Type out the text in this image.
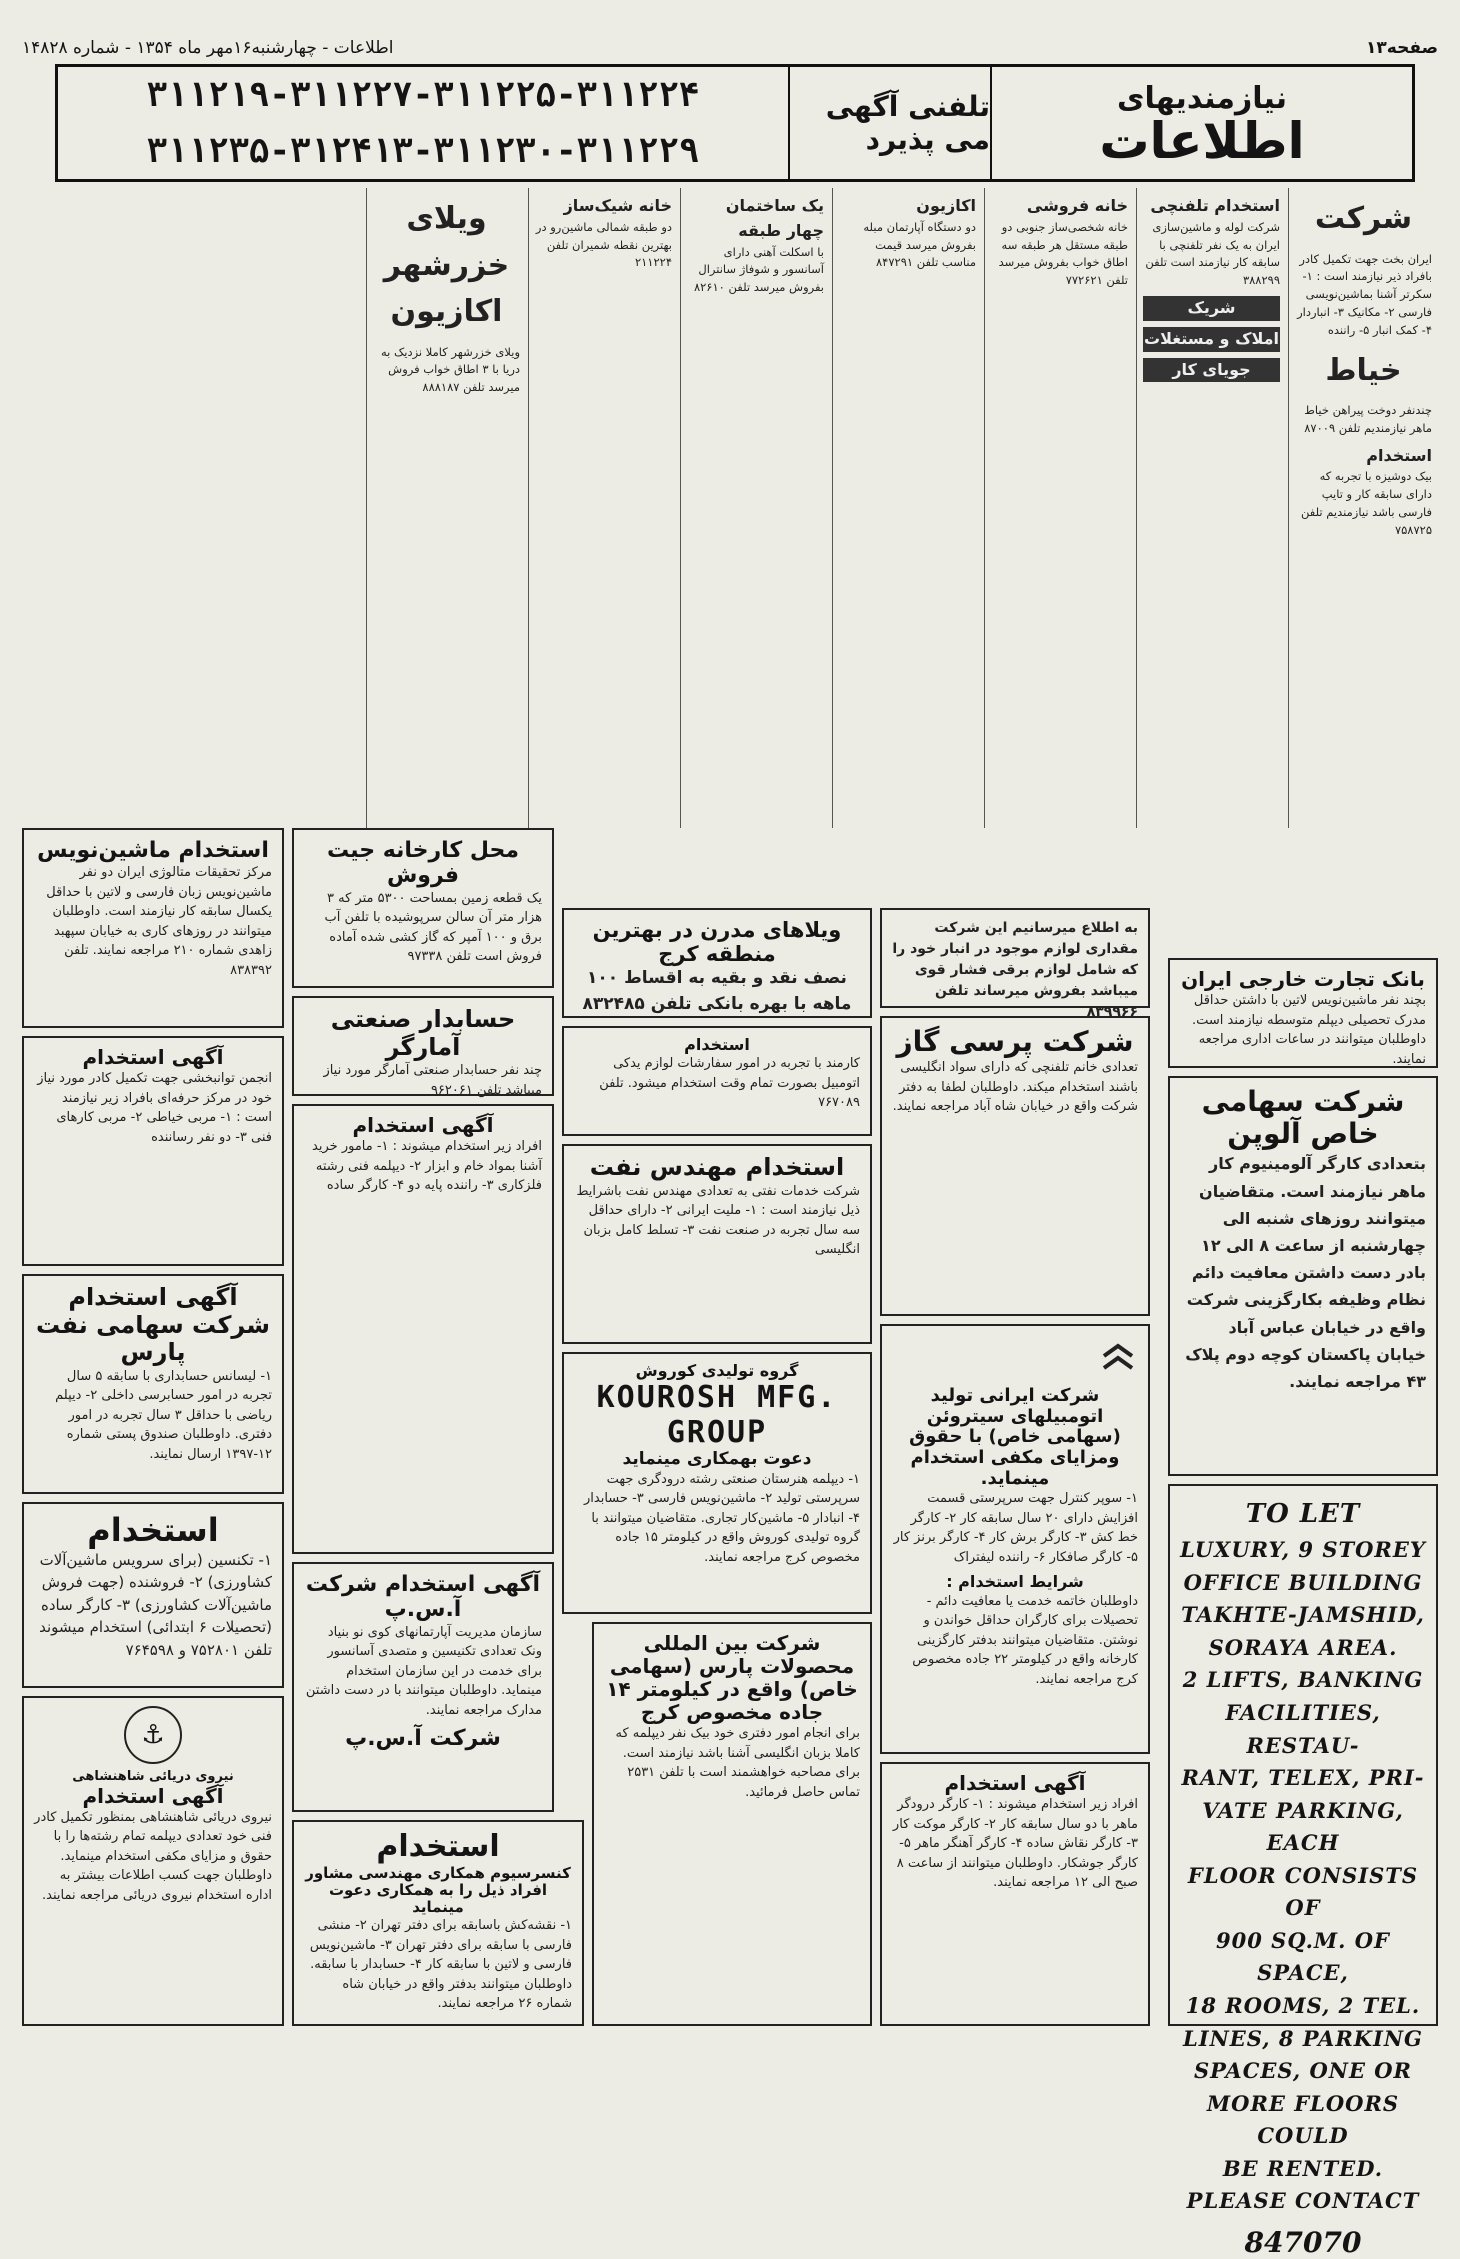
صفحه۱۳
اطلاعات - چهارشنبه۱۶مهر ماه ۱۳۵۴ - شماره ۱۴۸۲۸
نیازمندیهای
اطلاعات
تلفنی آگهی می پذیرد
۳۱۱۲۱۹-۳۱۱۲۲۷-۳۱۱۲۲۵-۳۱۱۲۲۴
۳۱۱۲۳۵-۳۱۲۴۱۳-۳۱۱۲۳۰-۳۱۱۲۲۹
شرکت
ایران بخت جهت تکمیل کادر بافراد ذیر نیازمند است : ۱- سکرتر آشنا بماشین‌نویسی فارسی ۲- مکانیک ۳- انباردار ۴- کمک انبار ۵- راننده
خیاط
چندنفر دوخت پیراهن خیاط ماهر نیازمندیم تلفن ۸۷۰۰۹
استخدام
بیک دوشیزه با تجربه که دارای سابقه کار و تایپ فارسی باشد نیازمندیم تلفن ۷۵۸۷۲۵
استخدام تلفنچی
شرکت لوله و ماشین‌سازی ایران به یک نفر تلفنچی با سابقه کار نیازمند است تلفن ۳۸۸۲۹۹
شریک
املاک و مستغلات
جویای کار
خانه فروشی
خانه شخصی‌ساز جنوبی دو طبقه مستقل هر طبقه سه اطاق خواب بفروش میرسد تلفن ۷۷۲۶۲۱
اکازیون
دو دستگاه آپارتمان مبله بفروش میرسد قیمت مناسب تلفن ۸۴۷۲۹۱
یک ساختمان چهار طبقه
با اسکلت آهنی دارای آسانسور و شوفاژ سانترال بفروش میرسد تلفن ۸۲۶۱۰
خانه شیک‌ساز
دو طبقه شمالی ماشین‌رو در بهترین نقطه شمیران تلفن ۲۱۱۲۲۴
ویلای خزرشهر اکازیون
ویلای خزرشهر کاملا نزدیک به دریا با ۳ اطاق خواب فروش میرسد تلفن ۸۸۸۱۸۷
استخدام ماشین‌نویس
مرکز تحقیقات متالوژی ایران دو نفر ماشین‌نویس زبان فارسی و لاتین با حداقل یکسال سابقه کار نیازمند است. داوطلبان میتوانند در روزهای کاری به خیابان سپهبد زاهدی شماره ۲۱۰ مراجعه نمایند. تلفن ۸۳۸۳۹۲
آگهی استخدام
انجمن توانبخشی جهت تکمیل کادر مورد نیاز خود در مرکز حرفه‌ای بافراد زیر نیازمند است : ۱- مربی خیاطی ۲- مربی کارهای فنی ۳- دو نفر رساننده
آگهی استخدام شرکت سهامی نفت پارس
۱- لیسانس حسابداری با سابقه ۵ سال تجربه در امور حسابرسی داخلی ۲- دیپلم ریاضی با حداقل ۳ سال تجربه در امور دفتری. داوطلبان صندوق پستی شماره ۱۲-۱۳۹۷ ارسال نمایند.
استخدام
۱- تکنسین (برای سرویس ماشین‌آلات کشاورزی) ۲- فروشنده (جهت فروش ماشین‌آلات کشاورزی) ۳- کارگر ساده (تحصیلات ۶ ابتدائی) استخدام میشوند تلفن ۷۵۲۸۰۱ و ۷۶۴۵۹۸
⚓
نیروی دریائی شاهنشاهی
آگهی استخدام
نیروی دریائی شاهنشاهی بمنظور تکمیل کادر فنی خود تعدادی دیپلمه تمام رشته‌ها را با حقوق و مزایای مکفی استخدام مینماید. داوطلبان جهت کسب اطلاعات بیشتر به اداره استخدام نیروی دریائی مراجعه نمایند.
محل کارخانه جیت فروش
یک قطعه زمین بمساحت ۵۳۰۰ متر که ۳ هزار متر آن سالن سرپوشیده با تلفن آب برق و ۱۰۰ آمپر که گاز کشی شده آماده فروش است تلفن ۹۷۳۳۸
حسابدار صنعتی آمارگر
چند نفر حسابدار صنعتی آمارگر مورد نیاز میباشد تلفن ۹۶۲۰۶۱
آگهی استخدام
افراد زیر استخدام میشوند : ۱- مامور خرید آشنا بمواد خام و ابزار ۲- دیپلمه فنی رشته فلزکاری ۳- راننده پایه دو ۴- کارگر ساده
آگهی استخدام شرکت آ.س.پ
سازمان مدیریت آپارتمانهای کوی نو بنیاد ونک تعدادی تکنیسین و متصدی آسانسور برای خدمت در این سازمان استخدام مینماید. داوطلبان میتوانند با در دست داشتن مدارک مراجعه نمایند.
شرکت آ.س.پ
استخدام
کنسرسیوم همکاری مهندسی مشاور افراد ذیل را به همکاری دعوت مینماید
۱- نقشه‌کش باسابقه برای دفتر تهران ۲- منشی فارسی با سابقه برای دفتر تهران ۳- ماشین‌نویس فارسی و لاتین با سابقه کار ۴- حسابدار با سابقه. داوطلبان میتوانند بدفتر واقع در خیابان شاه شماره ۲۶ مراجعه نمایند.
ویلاهای مدرن در بهترین منطقه کرج
نصف نقد و بقیه به اقساط ۱۰۰ ماهه با بهره بانکی تلفن ۸۳۲۴۸۵
استخدام
کارمند با تجربه در امور سفارشات لوازم یدکی اتومبیل بصورت تمام وقت استخدام میشود. تلفن ۷۶۷۰۸۹
استخدام مهندس نفت
شرکت خدمات نفتی به تعدادی مهندس نفت باشرایط ذیل نیازمند است : ۱- ملیت ایرانی ۲- دارای حداقل سه سال تجربه در صنعت نفت ۳- تسلط کامل بزبان انگلیسی
گروه تولیدی کوروش
KOUROSH MFG. GROUP
دعوت بهمکاری مینماید
۱- دیپلمه هنرستان صنعتی رشته درودگری جهت سرپرستی تولید ۲- ماشین‌نویس فارسی ۳- حسابدار ۴- انبادار ۵- ماشین‌کار تجاری. متقاضیان میتوانند با گروه تولیدی کوروش واقع در کیلومتر ۱۵ جاده مخصوص کرج مراجعه نمایند.
شرکت بین المللی محصولات پارس (سهامی خاص) واقع در کیلومتر ۱۴ جاده مخصوص کرج
برای انجام امور دفتری خود بیک نفر دیپلمه که کاملا بزبان انگلیسی آشنا باشد نیازمند است. برای مصاحبه خواهشمند است با تلفن ۲۵۳۱ تماس حاصل فرمائید.
به اطلاع میرسانیم این شرکت مقداری لوازم موجود در انبار خود را که شامل لوازم برقی فشار قوی میباشد بفروش میرساند تلفن ۸۳۹۹۶۶
شرکت پرسی گاز
تعدادی خانم تلفنچی که دارای سواد انگلیسی باشند استخدام میکند. داوطلبان لطفا به دفتر شرکت واقع در خیابان شاه آباد مراجعه نمایند.
شرکت ایرانی تولید اتومبیلهای سیتروئن (سهامی خاص) با حقوق ومزایای مکفی استخدام مینماید.
۱- سوپر کنترل جهت سرپرستی قسمت افزایش دارای ۲۰ سال سابقه کار ۲- کارگر خط کش ۳- کارگر برش کار ۴- کارگر برنز کار ۵- کارگر صافکار ۶- راننده لیفتراک
شرایط استخدام :
داوطلبان خاتمه خدمت یا معافیت دائم - تحصیلات برای کارگران حداقل خواندن و نوشتن. متقاضیان میتوانند بدفتر کارگزینی کارخانه واقع در کیلومتر ۲۲ جاده مخصوص کرج مراجعه نمایند.
آگهی استخدام
افراد زیر استخدام میشوند : ۱- کارگر درودگر ماهر با دو سال سابقه کار ۲- کارگر موکت کار ۳- کارگر نقاش ساده ۴- کارگر آهنگر ماهر ۵- کارگر جوشکار. داوطلبان میتوانند از ساعت ۸ صبح الی ۱۲ مراجعه نمایند.
بانک تجارت خارجی ایران
بچند نفر ماشین‌نویس لاتین با داشتن حداقل مدرک تحصیلی دیپلم متوسطه نیازمند است. داوطلبان میتوانند در ساعات اداری مراجعه نمایند.
شرکت سهامی خاص آلوپن
بتعدادی کارگر آلومینیوم کار ماهر نیازمند است. متقاضیان میتوانند روزهای شنبه الی چهارشنبه از ساعت ۸ الی ۱۲ بادر دست داشتن معافیت دائم نظام وظیفه بکارگزینی شرکت واقع در خیابان عباس آباد خیابان پاکستان کوچه دوم پلاک ۴۳ مراجعه نمایند.
TO LET
LUXURY, 9 STOREY
OFFICE BUILDING
TAKHTE-JAMSHID,
SORAYA AREA.
2 LIFTS, BANKING
FACILITIES, RESTAU-
RANT, TELEX, PRI-
VATE PARKING, EACH
FLOOR CONSISTS OF
900 SQ.M. OF SPACE,
18 ROOMS, 2 TEL.
LINES, 8 PARKING
SPACES, ONE OR
MORE FLOORS COULD
BE RENTED.
PLEASE CONTACT
847070
